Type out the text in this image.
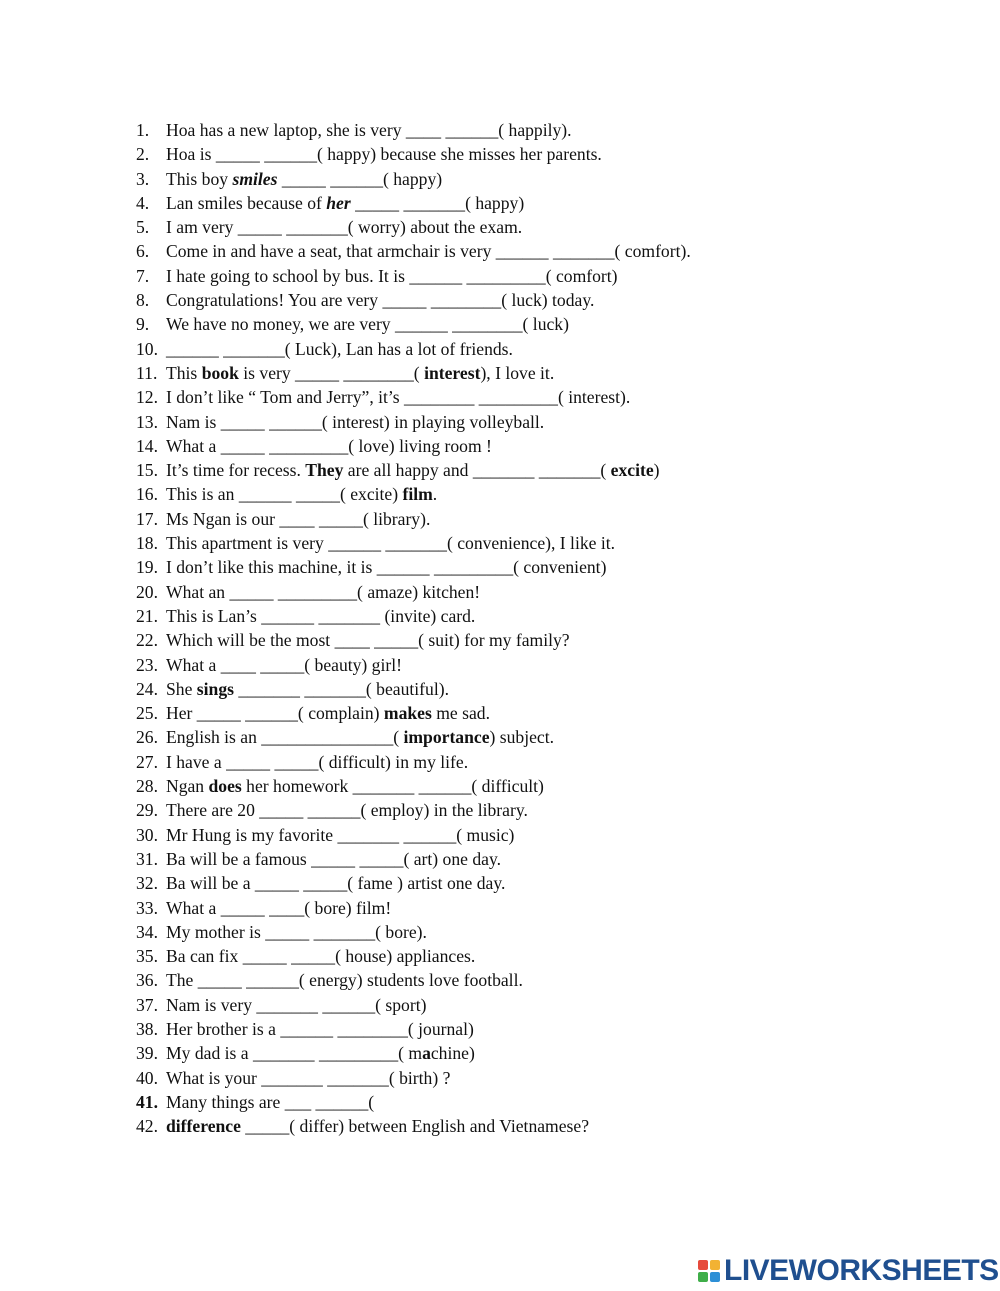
1. Hoa has a new laptop, she is very ____ ______( happily).
2. Hoa is _____ ______( happy) because she misses her parents.
3. This boy smiles _____ ______( happy)
4. Lan smiles because of her _____ _______( happy)
5. I am very _____ _______( worry) about the exam.
6. Come in and have a seat, that armchair is very ______ _______( comfort).
7. I hate going to school by bus. It is ______ _________( comfort)
8. Congratulations! You are very _____ ________( luck) today.
9. We have no money, we are very ______ ________( luck)
10. ______ _______( Luck), Lan has a lot of friends.
11. This book is very _____ ________( interest), I love it.
12. I don’t like “ Tom and Jerry”, it’s ________ _________( interest).
13. Nam is _____ ______( interest) in playing volleyball.
14. What a _____ _________( love) living room !
15. It’s time for recess. They are all happy and _______ _______( excite)
16. This is an ______ _____( excite) film.
17. Ms Ngan is our ____ _____( library).
18. This apartment is very ______ _______( convenience), I like it.
19. I don’t like this machine, it is ______ _________( convenient)
20. What an _____ _________( amaze) kitchen!
21. This is Lan’s ______ _______ (invite) card.
22. Which will be the most ____ _____( suit) for my family?
23. What a ____ _____( beauty) girl!
24. She sings _______ _______( beautiful).
25. Her _____ ______( complain) makes me sad.
26. English is an _______________( importance) subject.
27. I have a _____ _____( difficult) in my life.
28. Ngan does her homework _______ ______( difficult)
29. There are 20 _____ ______( employ) in the library.
30. Mr Hung is my favorite _______ ______( music)
31. Ba will be a famous _____ _____( art) one day.
32. Ba will be a _____ _____( fame ) artist one day.
33. What a _____ ____( bore) film!
34. My mother is _____ _______( bore).
35. Ba can fix _____ _____( house) appliances.
36. The _____ ______( energy) students love football.
37. Nam is very _______ ______( sport)
38. Her brother is a ______ ________( journal)
39. My dad is a _______ _________( machine)
40. What is your _______ _______( birth) ?
41. Many things are ___ ______(
42. difference _____( differ) between English and Vietnamese?
LIVEWORKSHEETS
